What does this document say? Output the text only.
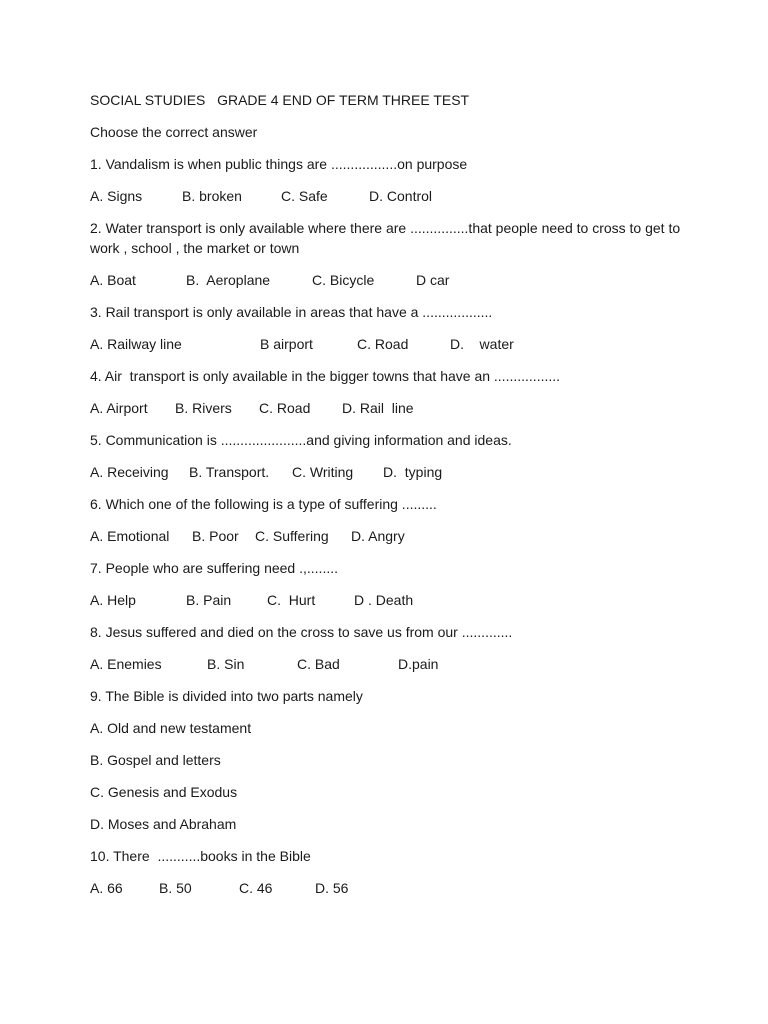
SOCIAL STUDIES   GRADE 4 END OF TERM THREE TEST

Choose the correct answer

1. Vandalism is when public things are .................on purpose

A. Signs	B. broken	C. Safe	D. Control

2. Water transport is only available where there are ...............that people need to cross to get to work , school , the market or town

A. Boat	B.  Aeroplane	C. Bicycle	D car

3. Rail transport is only available in areas that have a ..................

A. Railway line	B airport	C. Road	D.    water

4. Air  transport is only available in the bigger towns that have an .................

A. Airport	B. Rivers	C. Road	D. Rail  line

5. Communication is ......................and giving information and ideas.

A. Receiving	B. Transport.	C. Writing	D.  typing

6. Which one of the following is a type of suffering .........

A. Emotional	B. Poor	C. Suffering	D. Angry

7. People who are suffering need .,........

A. Help	B. Pain	C.  Hurt	D . Death

8. Jesus suffered and died on the cross to save us from our .............

A. Enemies	B. Sin	C. Bad	D.pain

9. The Bible is divided into two parts namely

A. Old and new testament

B. Gospel and letters

C. Genesis and Exodus

D. Moses and Abraham

10. There  ...........books in the Bible

A. 66	B. 50	C. 46	D. 56
